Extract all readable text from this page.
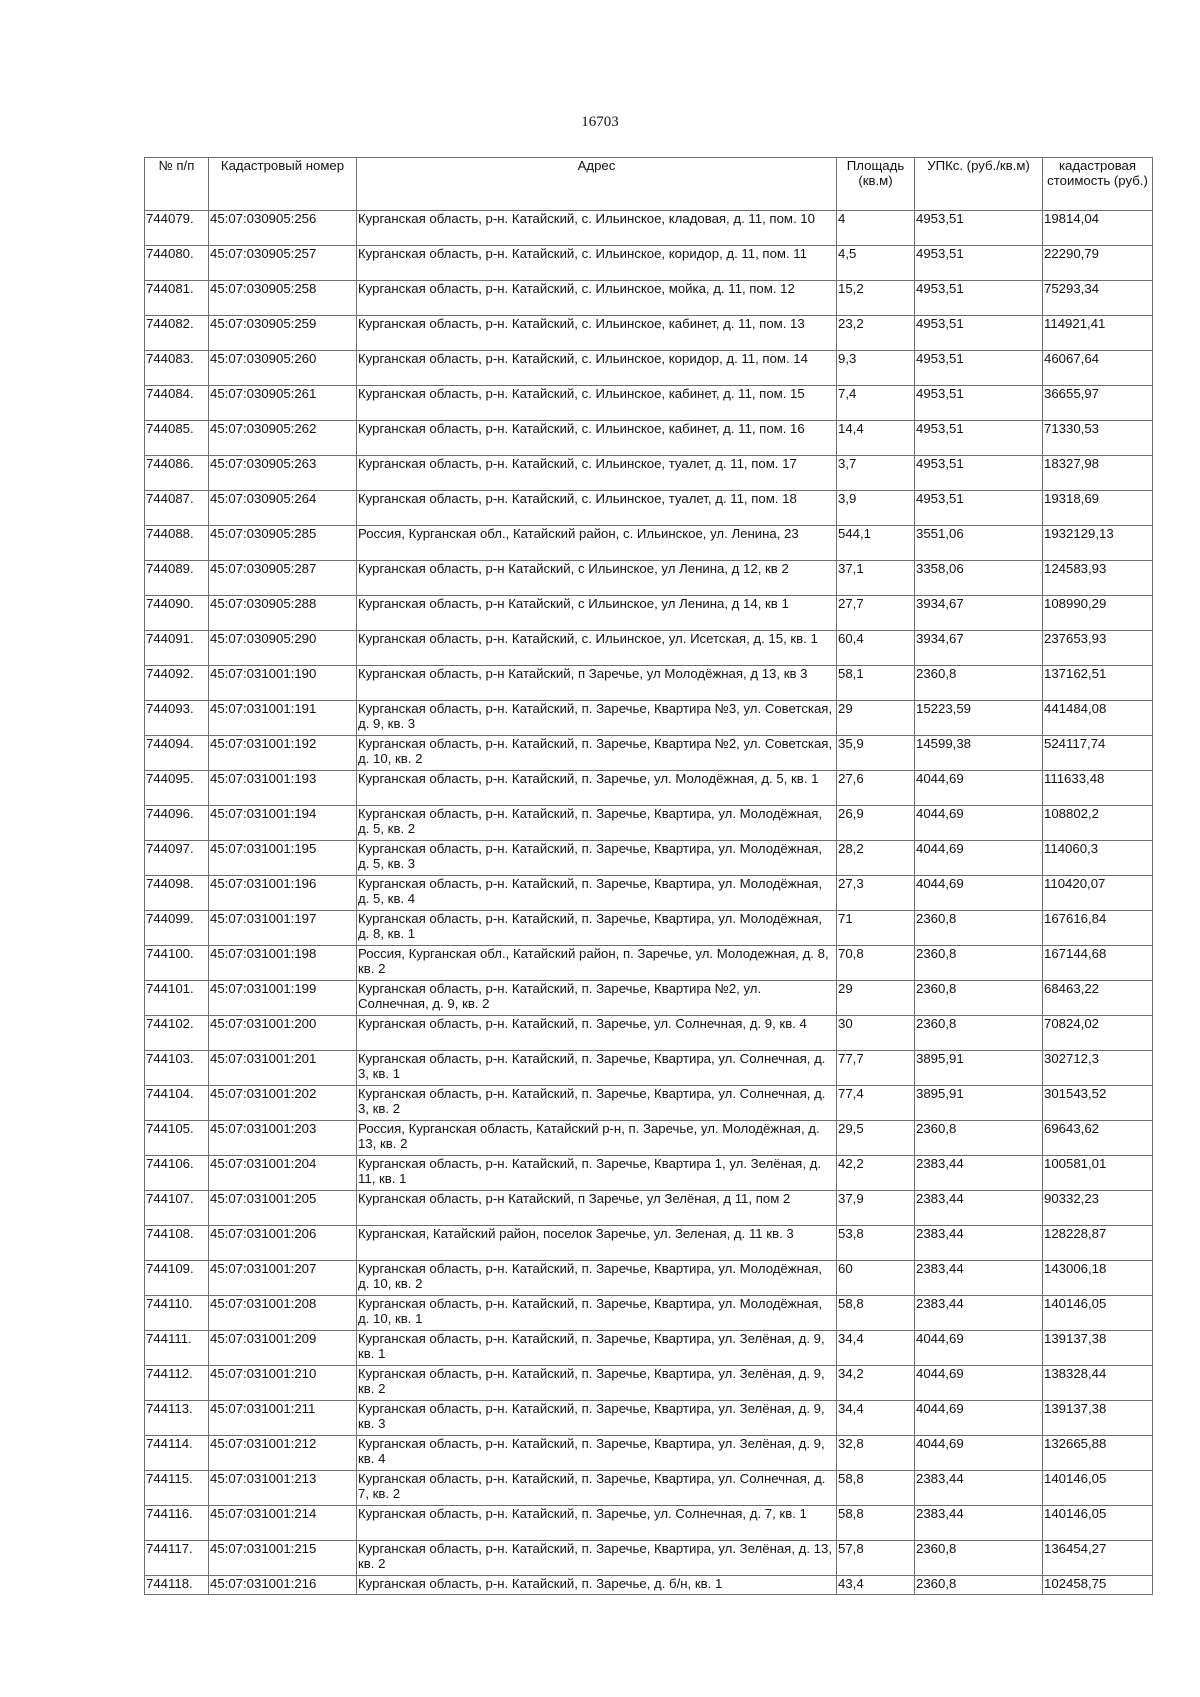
16703
№ п/п	Кадастровый номер	Адрес	Площадь (кв.м)	УПКс. (руб./кв.м)	кадастровая стоимость (руб.)
744079.	45:07:030905:256	Курганская область, р-н. Катайский, с. Ильинское, кладовая, д. 11, пом. 10	4	4953,51	19814,04
744080.	45:07:030905:257	Курганская область, р-н. Катайский, с. Ильинское, коридор, д. 11, пом. 11	4,5	4953,51	22290,79
744081.	45:07:030905:258	Курганская область, р-н. Катайский, с. Ильинское, мойка, д. 11, пом. 12	15,2	4953,51	75293,34
744082.	45:07:030905:259	Курганская область, р-н. Катайский, с. Ильинское, кабинет, д. 11, пом. 13	23,2	4953,51	114921,41
744083.	45:07:030905:260	Курганская область, р-н. Катайский, с. Ильинское, коридор, д. 11, пом. 14	9,3	4953,51	46067,64
744084.	45:07:030905:261	Курганская область, р-н. Катайский, с. Ильинское, кабинет, д. 11, пом. 15	7,4	4953,51	36655,97
744085.	45:07:030905:262	Курганская область, р-н. Катайский, с. Ильинское, кабинет, д. 11, пом. 16	14,4	4953,51	71330,53
744086.	45:07:030905:263	Курганская область, р-н. Катайский, с. Ильинское, туалет, д. 11, пом. 17	3,7	4953,51	18327,98
744087.	45:07:030905:264	Курганская область, р-н. Катайский, с. Ильинское, туалет, д. 11, пом. 18	3,9	4953,51	19318,69
744088.	45:07:030905:285	Россия, Курганская обл., Катайский район, с. Ильинское, ул. Ленина, 23	544,1	3551,06	1932129,13
744089.	45:07:030905:287	Курганская область, р-н Катайский, с Ильинское, ул Ленина, д 12, кв 2	37,1	3358,06	124583,93
744090.	45:07:030905:288	Курганская область, р-н Катайский, с Ильинское, ул Ленина, д 14, кв 1	27,7	3934,67	108990,29
744091.	45:07:030905:290	Курганская область, р-н. Катайский, с. Ильинское, ул. Исетская, д. 15, кв. 1	60,4	3934,67	237653,93
744092.	45:07:031001:190	Курганская область, р-н Катайский, п Заречье, ул Молодёжная, д 13, кв 3	58,1	2360,8	137162,51
744093.	45:07:031001:191	Курганская область, р-н. Катайский, п. Заречье, Квартира №3, ул. Советская, д. 9, кв. 3	29	15223,59	441484,08
744094.	45:07:031001:192	Курганская область, р-н. Катайский, п. Заречье, Квартира №2, ул. Советская, д. 10, кв. 2	35,9	14599,38	524117,74
744095.	45:07:031001:193	Курганская область, р-н. Катайский, п. Заречье, ул. Молодёжная, д. 5, кв. 1	27,6	4044,69	111633,48
744096.	45:07:031001:194	Курганская область, р-н. Катайский, п. Заречье, Квартира, ул. Молодёжная, д. 5, кв. 2	26,9	4044,69	108802,2
744097.	45:07:031001:195	Курганская область, р-н. Катайский, п. Заречье, Квартира, ул. Молодёжная, д. 5, кв. 3	28,2	4044,69	114060,3
744098.	45:07:031001:196	Курганская область, р-н. Катайский, п. Заречье, Квартира, ул. Молодёжная, д. 5, кв. 4	27,3	4044,69	110420,07
744099.	45:07:031001:197	Курганская область, р-н. Катайский, п. Заречье, Квартира, ул. Молодёжная, д. 8, кв. 1	71	2360,8	167616,84
744100.	45:07:031001:198	Россия, Курганская обл., Катайский район, п. Заречье, ул. Молодежная, д. 8, кв. 2	70,8	2360,8	167144,68
744101.	45:07:031001:199	Курганская область, р-н. Катайский, п. Заречье, Квартира №2, ул. Солнечная, д. 9, кв. 2	29	2360,8	68463,22
744102.	45:07:031001:200	Курганская область, р-н. Катайский, п. Заречье, ул. Солнечная, д. 9, кв. 4	30	2360,8	70824,02
744103.	45:07:031001:201	Курганская область, р-н. Катайский, п. Заречье, Квартира, ул. Солнечная, д. 3, кв. 1	77,7	3895,91	302712,3
744104.	45:07:031001:202	Курганская область, р-н. Катайский, п. Заречье, Квартира, ул. Солнечная, д. 3, кв. 2	77,4	3895,91	301543,52
744105.	45:07:031001:203	Россия, Курганская область, Катайский р-н, п. Заречье, ул. Молодёжная, д. 13, кв. 2	29,5	2360,8	69643,62
744106.	45:07:031001:204	Курганская область, р-н. Катайский, п. Заречье, Квартира 1, ул. Зелёная, д. 11, кв. 1	42,2	2383,44	100581,01
744107.	45:07:031001:205	Курганская область, р-н Катайский, п Заречье, ул Зелёная, д 11, пом 2	37,9	2383,44	90332,23
744108.	45:07:031001:206	Курганская, Катайский район, поселок Заречье, ул. Зеленая, д. 11 кв. 3	53,8	2383,44	128228,87
744109.	45:07:031001:207	Курганская область, р-н. Катайский, п. Заречье, Квартира, ул. Молодёжная, д. 10, кв. 2	60	2383,44	143006,18
744110.	45:07:031001:208	Курганская область, р-н. Катайский, п. Заречье, Квартира, ул. Молодёжная, д. 10, кв. 1	58,8	2383,44	140146,05
744111.	45:07:031001:209	Курганская область, р-н. Катайский, п. Заречье, Квартира, ул. Зелёная, д. 9, кв. 1	34,4	4044,69	139137,38
744112.	45:07:031001:210	Курганская область, р-н. Катайский, п. Заречье, Квартира, ул. Зелёная, д. 9, кв. 2	34,2	4044,69	138328,44
744113.	45:07:031001:211	Курганская область, р-н. Катайский, п. Заречье, Квартира, ул. Зелёная, д. 9, кв. 3	34,4	4044,69	139137,38
744114.	45:07:031001:212	Курганская область, р-н. Катайский, п. Заречье, Квартира, ул. Зелёная, д. 9, кв. 4	32,8	4044,69	132665,88
744115.	45:07:031001:213	Курганская область, р-н. Катайский, п. Заречье, Квартира, ул. Солнечная, д. 7, кв. 2	58,8	2383,44	140146,05
744116.	45:07:031001:214	Курганская область, р-н. Катайский, п. Заречье, ул. Солнечная, д. 7, кв. 1	58,8	2383,44	140146,05
744117.	45:07:031001:215	Курганская область, р-н. Катайский, п. Заречье, Квартира, ул. Зелёная, д. 13, кв. 2	57,8	2360,8	136454,27
744118.	45:07:031001:216	Курганская область, р-н. Катайский, п. Заречье, д. б/н, кв. 1	43,4	2360,8	102458,75
